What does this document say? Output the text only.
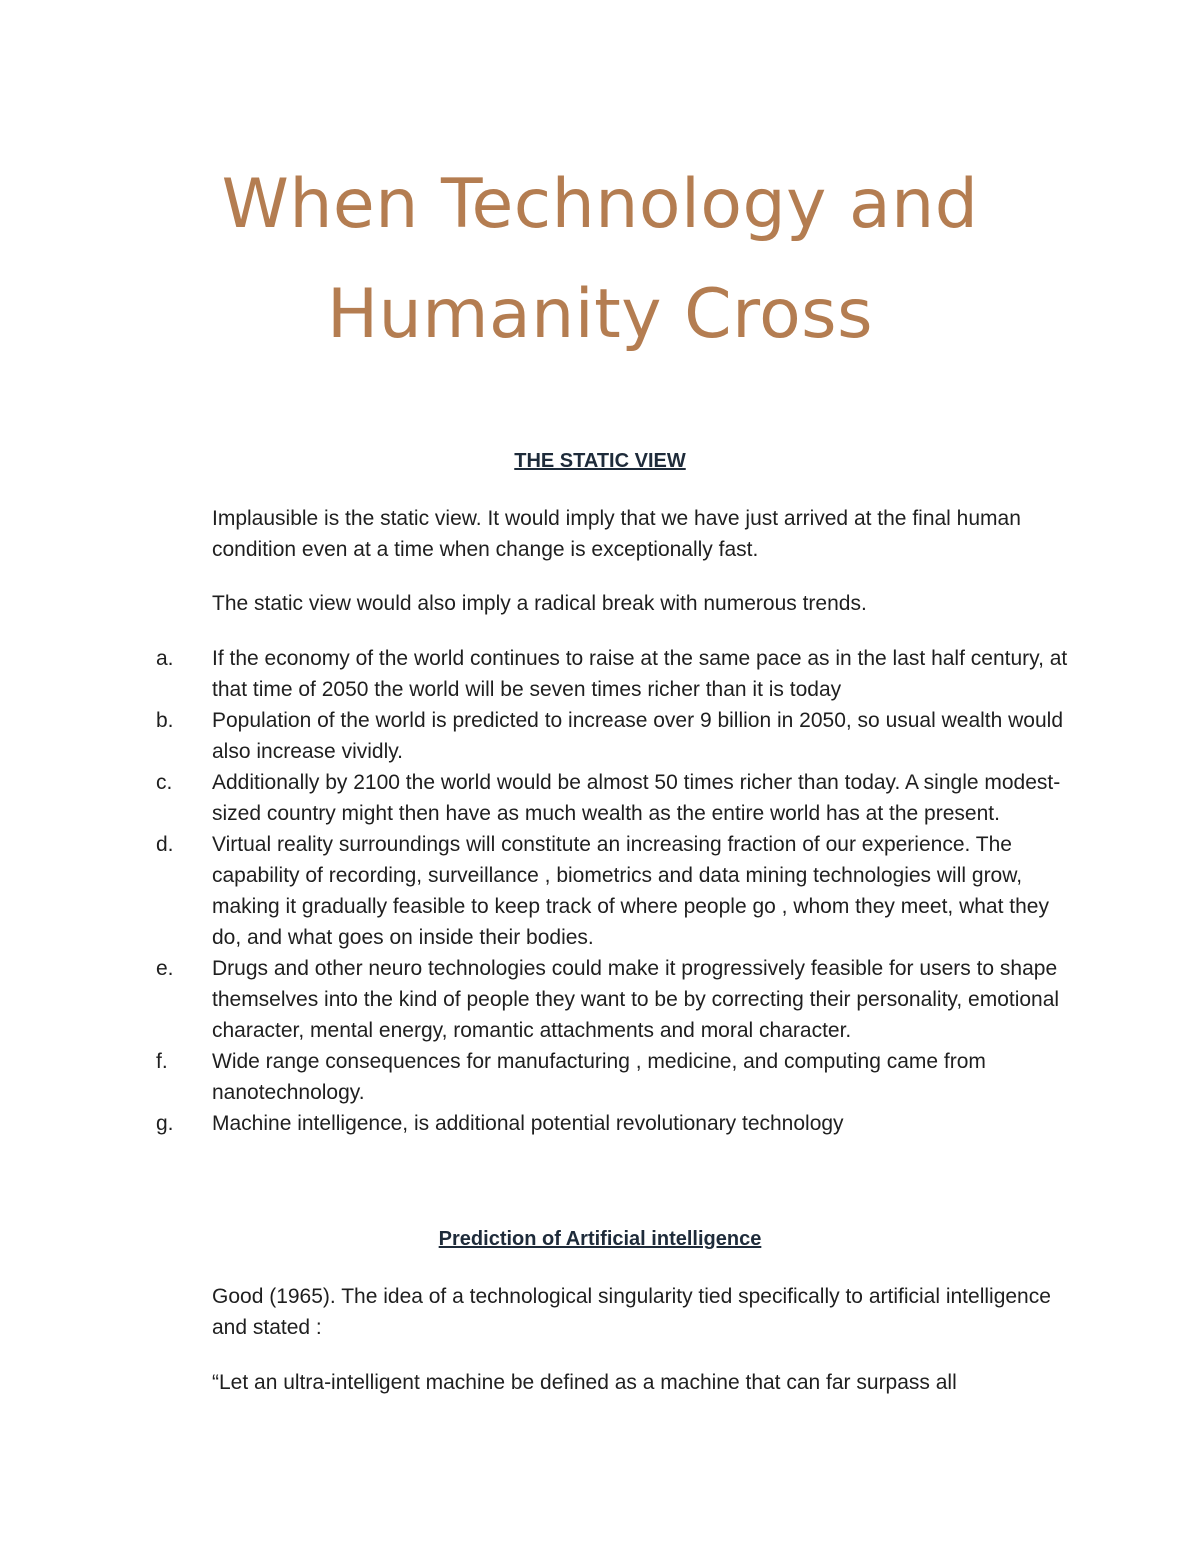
When Technology and
Humanity Cross
THE STATIC VIEW
Implausible is the static view. It would imply that we have just arrived at the final human condition even at a time when change is exceptionally fast.
The static view would also imply a radical break with numerous trends.
a. If the economy of the world continues to raise at the same pace as in the last half century, at that time of 2050 the world will be seven times richer than it is today
b. Population of the world is predicted to increase over 9 billion in 2050, so usual wealth would also increase vividly.
c. Additionally by 2100 the world would be almost 50 times richer than today. A single modest-sized country might then have as much wealth as the entire world has at the present.
d. Virtual reality surroundings will constitute an increasing fraction of our experience. The capability of recording, surveillance , biometrics and data mining technologies will grow, making it gradually feasible to keep track of where people go , whom they meet, what they do, and what goes on inside their bodies.
e. Drugs and other neuro technologies could make it progressively feasible for users to shape themselves into the kind of people they want to be by correcting their personality, emotional character, mental energy, romantic attachments and moral character.
f. Wide range consequences for manufacturing , medicine, and computing came from nanotechnology.
g. Machine intelligence, is additional potential revolutionary technology
Prediction of Artificial intelligence
Good (1965). The idea of a technological singularity tied specifically to artificial intelligence and stated :
“Let an ultra-intelligent machine be defined as a machine that can far surpass all
